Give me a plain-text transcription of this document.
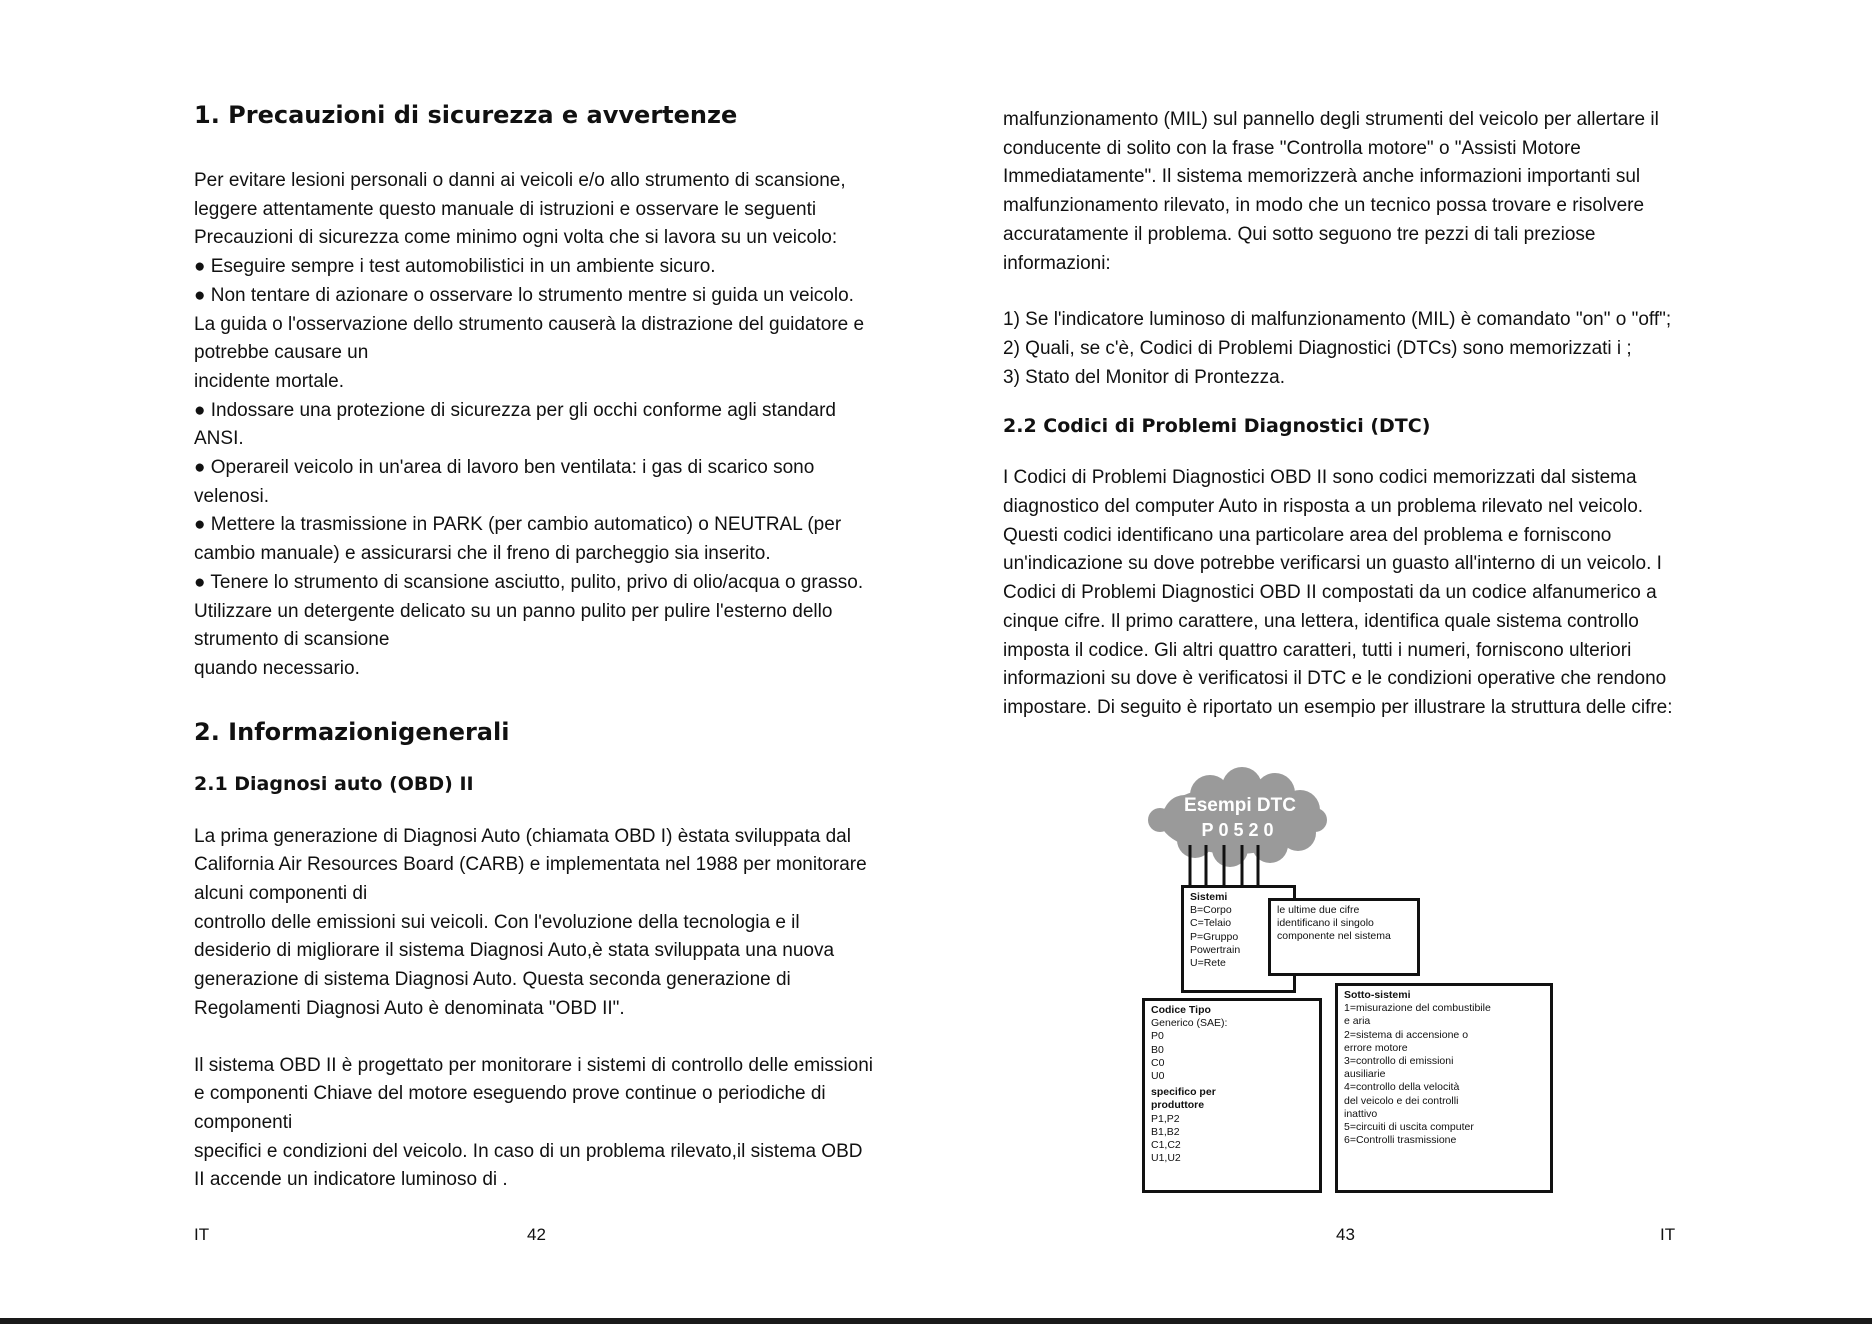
1. Precauzioni di sicurezza e avvertenze
Per evitare lesioni personali o danni ai veicoli e/o allo strumento di scansione,
leggere attentamente questo manuale di istruzioni e osservare le seguenti
Precauzioni di sicurezza come minimo ogni volta che si lavora su un veicolo:
● Eseguire sempre i test automobilistici in un ambiente sicuro.
● Non tentare di azionare o osservare lo strumento mentre si guida un veicolo.
La guida o l'osservazione dello strumento causerà la distrazione del guidatore e
potrebbe causare un
incidente mortale.
● Indossare una protezione di sicurezza per gli occhi conforme agli standard
ANSI.
● Operareil veicolo in un'area di lavoro ben ventilata: i gas di scarico sono
velenosi.
● Mettere la trasmissione in PARK (per cambio automatico) o NEUTRAL (per
cambio manuale) e assicurarsi che il freno di parcheggio sia inserito.
● Tenere lo strumento di scansione asciutto, pulito, privo di olio/acqua o grasso.
Utilizzare un detergente delicato su un panno pulito per pulire l'esterno dello
strumento di scansione
quando necessario.
2. Informazionigenerali
2.1 Diagnosi auto (OBD) II
La prima generazione di Diagnosi Auto (chiamata OBD I) èstata sviluppata dal
California Air Resources Board (CARB) e implementata nel 1988 per monitorare
alcuni componenti di
controllo delle emissioni sui veicoli. Con l'evoluzione della tecnologia e il
desiderio di migliorare il sistema Diagnosi Auto,è stata sviluppata una nuova
generazione di sistema Diagnosi Auto. Questa seconda generazione di
Regolamenti Diagnosi Auto è denominata "OBD II".
Il sistema OBD II è progettato per monitorare i sistemi di controllo delle emissioni
e componenti Chiave del motore eseguendo prove continue o periodiche di
componenti
specifici e condizioni del veicolo. In caso di un problema rilevato,il sistema OBD
II accende un indicatore luminoso di .
IT	42
malfunzionamento (MIL) sul pannello degli strumenti del veicolo per allertare il
conducente di solito con la frase "Controlla motore" o "Assisti Motore
Immediatamente". Il sistema memorizzerà anche informazioni importanti sul
malfunzionamento rilevato, in modo che un tecnico possa trovare e risolvere
accuratamente il problema. Qui sotto seguono tre pezzi di tali preziose
informazioni:
1) Se l'indicatore luminoso di malfunzionamento (MIL) è comandato "on" o "off";
2) Quali, se c'è, Codici di Problemi Diagnostici (DTCs) sono memorizzati i ;
3) Stato del Monitor di Prontezza.
2.2 Codici di Problemi Diagnostici (DTC)
I Codici di Problemi Diagnostici OBD II sono codici memorizzati dal sistema
diagnostico del computer Auto in risposta a un problema rilevato nel veicolo.
Questi codici identificano una particolare area del problema e forniscono
un'indicazione su dove potrebbe verificarsi un guasto all'interno di un veicolo. I
Codici di Problemi Diagnostici OBD II compostati da un codice alfanumerico a
cinque cifre. Il primo carattere, una lettera, identifica quale sistema controllo
imposta il codice. Gli altri quattro caratteri, tutti i numeri, forniscono ulteriori
informazioni su dove è verificatosi il DTC e le condizioni operative che rendono
impostare. Di seguito è riportato un esempio per illustrare la struttura delle cifre:
Esempi DTC
P0520
Sistemi
B=Corpo
C=Telaio
P=Gruppo
Powertrain
U=Rete
le ultime due cifre
identificano il singolo
componente nel sistema
Codice Tipo
Generico (SAE):
P0
B0
C0
U0
specifico per
produttore
P1,P2
B1,B2
C1,C2
U1,U2
Sotto-sistemi
1=misurazione del combustibile
e aria
2=sistema di accensione o
errore motore
3=controllo di emissioni
ausiliarie
4=controllo della velocità
del veicolo e dei controlli
inattivo
5=circuiti di uscita computer
6=Controlli trasmissione
43	IT
